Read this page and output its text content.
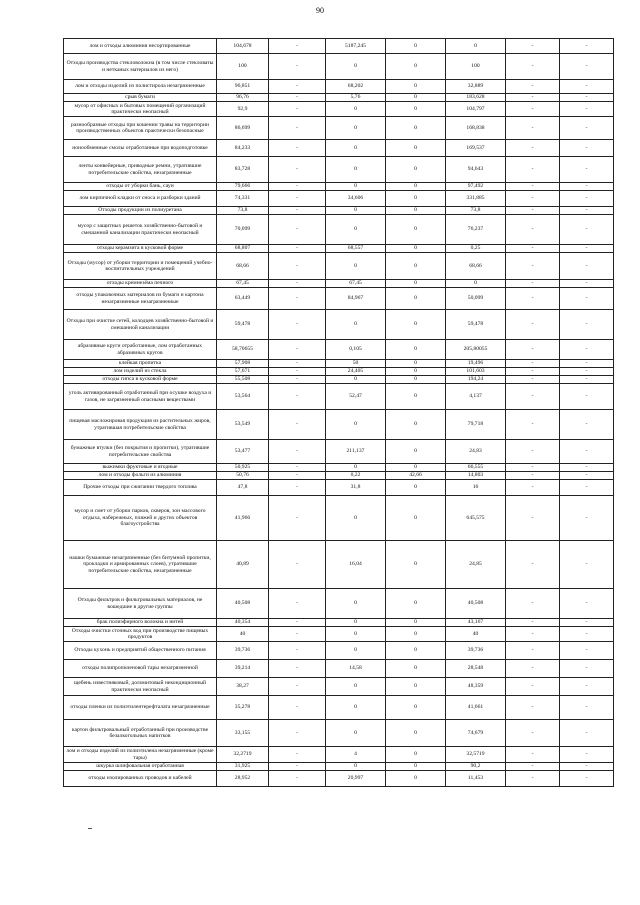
90
лом и отходы алюминия несортированные	104,678	-	5187,245	0	0	-	-
Отходы производства стекловолокна (в том числе стекловаты и нетканых материалов из него)	100	-	0	0	100	-	-
лом и отходы изделий из полистирола незагрязненные	96,851	-	68,202	0	32,889	-	-
срыв бумаги	96,76	-	5,76	0	183,628	-	-
мусор от офисных и бытовых помещений организаций практически неопасный	92,9	-	0	0	104,797	-	-
разнообразные отходы при кошении травы на территории производственных объектов практически безопасные	86,699	-	0	0	168,838	-	-
ионообменные смолы отработанные при водоподготовке	84,233	-	0	0	169,537	-	-
ленты конвейерные, приводные ремни, утратившие потребительские свойства, незагрязненные	83,728	-	0	0	94,643	-	-
отходы от уборки бань, саун	79,666	-	0	0	97,492	-	-
лом кирпичной кладки от сноса и разборки зданий	74,331	-	34,606	0	331,885	-	-
Отходы продукции из полиуретана	73,8	-	0	0	73,8	-	-
мусор с защитных решеток хозяйственно-бытовой и смешанной канализации практически неопасный	70,099	-	0	0	76,237	-	-
отходы керамзита в кусковой форме	68,807	-	68,557	0	0,25	-	-
Отходы (мусор) от уборки территории и помещений учебно-воспитательных учреждений	68,66	-	0	0	68,66	-	-
отходы кремнезёма печного	67,45	-	67,45	0	0	-	-
отходы упаковочных материалов из бумаги и картона незагрязненные незагрязненные	63,449	-	84,967	0	50,099	-	-
Отходы при очистке сетей, колодцев хозяйственно-бытовой и смешанной канализации	59,478	-	0	0	59,478	-	-
абразивные круги отработанные, лом отработанных абразивных кругов	58,70655	-	0,105	0	205,80055	-	-
клейкая пропитка	57,908	-	50	0	19,496	-	-
лом изделий из стекла	57,671	-	24,405	0	101,603	-	-
отходы гипса в кусковой форме	55,508	-	0	0	194,24	-	-
уголь активированный отработанный при осушке воздуха и газов, не загрязненный опасными веществами	53,564	-	52,47	0	4,137	-	-
пищевая масложировая продукция из растительных жиров, утратившая потребительские свойства	53,549	-	0	0	79,718	-	-
бумажные втулки (без покрытия и пропитки), утратившие потребительские свойства	53,477	-	211,137	0	24,83	-	-
выжимки фруктовые и ягодные	50,925	-	0	0	66,555	-	-
лом и отходы фольги из алюминия	50,76	-	0,22	42,66	14,803	-	-
Прочие отходы при сжигании твердого топлива	47,8	-	31,8	0	16	-	-
мусор и смет от уборки парков, скверов, зон массового отдыха, набережных, пляжей и других объектов благоустройства	41,966	-	0	0	645,575	-	-
нашки бумажные незагрязненные (без битумной пропитки, прокладки и армированных слоев), утратившие потребительские свойства, незагрязненные	40,89	-	16,04	0	24,85	-	-
Отходы фильтров и фильтровальных материалов, не вошедшие в другие группы	40,508	-	0	0	40,508	-	-
брак полиэфирного волокна и нитей	40,354	-	0	0	43,167	-	-
Отходы очистки сточных вод при производстве пищевых продуктов	40	-	0	0	40	-	-
Отходы кухонь и предприятий общественного питания	39,736	-	0	0	39,736	-	-
отходы полипропиленовой тары незагрязненной	39,214	-	14,58	0	28,548	-	-
щебень известняковый, доломитовый некондиционный практически неопасный	38,27	-	0	0	48,359	-	-
отходы пленки из полиэтилентерефталата незагрязненные	35,278	-	0	0	41,661	-	-
картон фильтровальный отработанный при производстве безалкогольных напитков	33,155	-	0	0	74,679	-	-
лом и отходы изделий из полиэтилена незагрязненные (кроме тары)	32,2719	-	4	0	32,5719	-	-
шкурка шлифовальная отработанная	31,925	-	0	0	90,2	-	-
отходы изолированных проводов и кабелей	28,952	-	20,997	0	11,453	-	-
